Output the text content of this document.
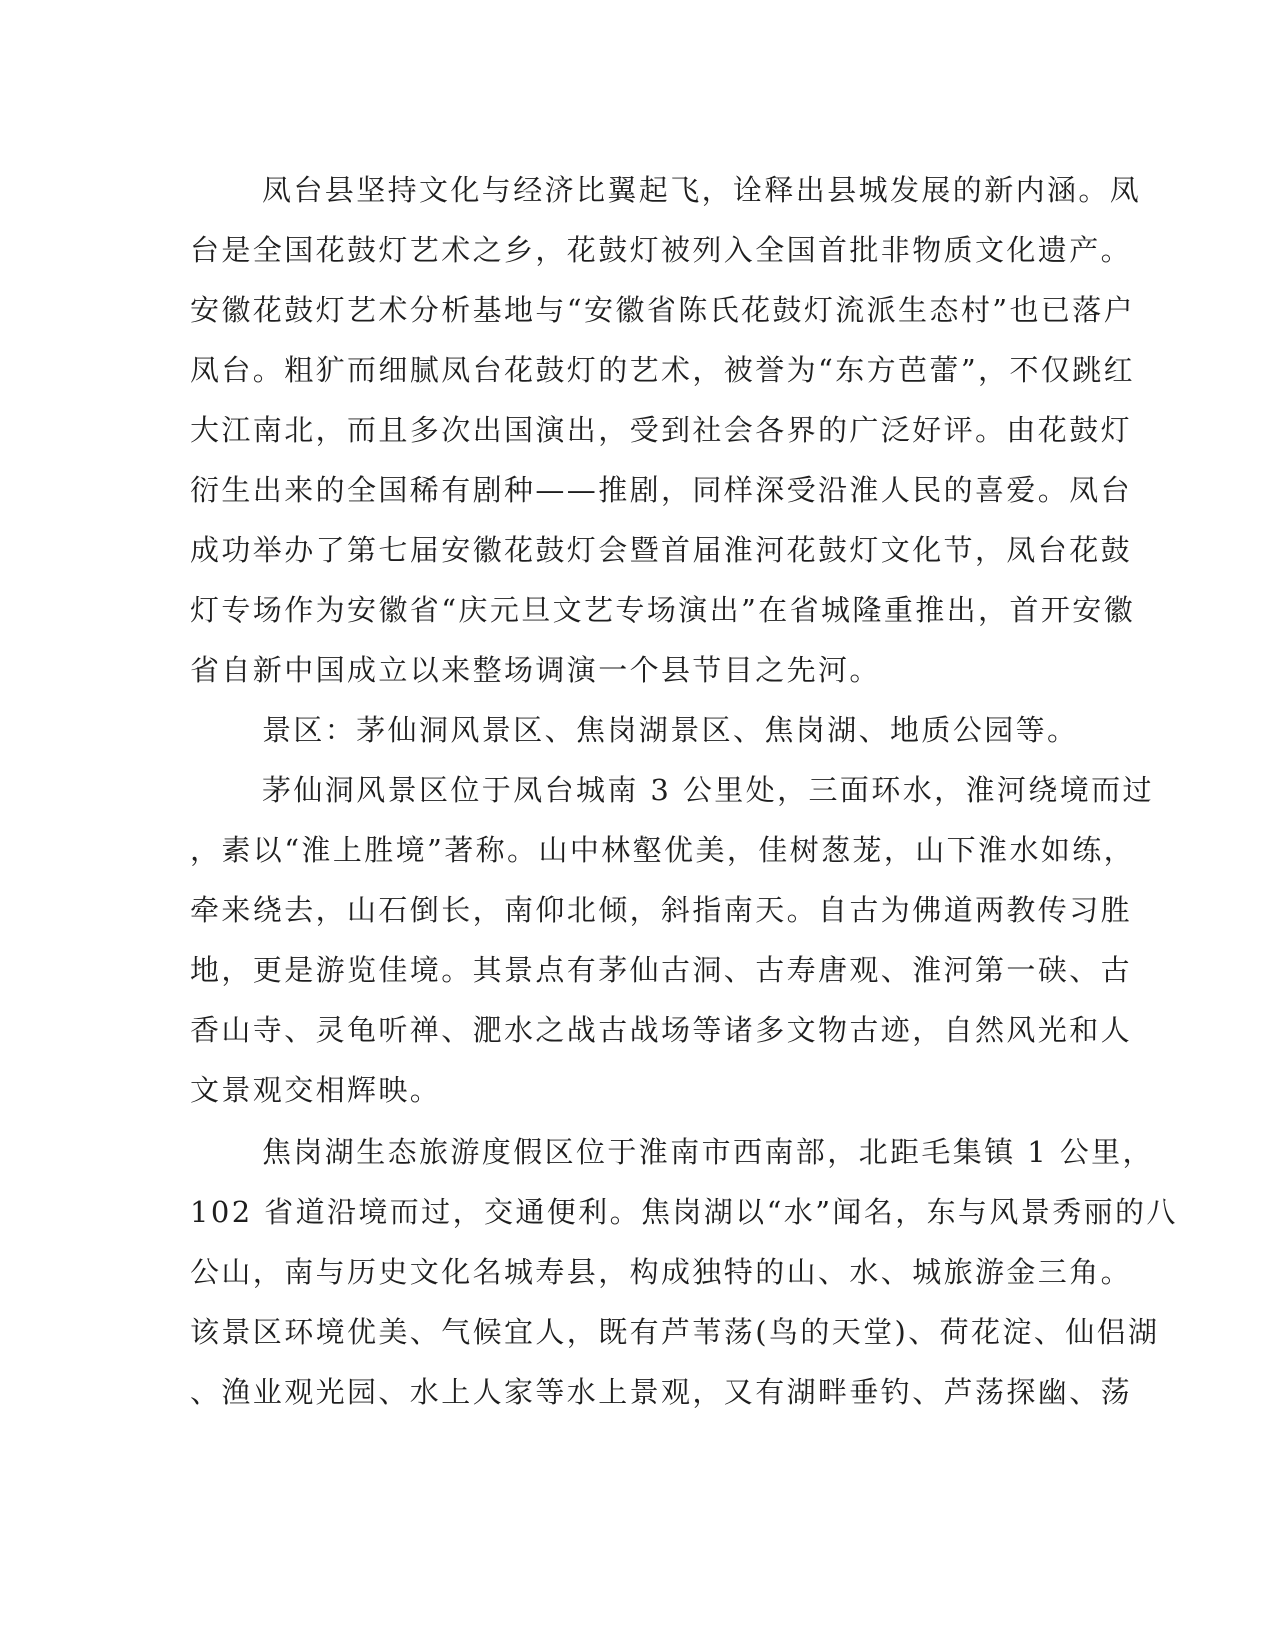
凤台县坚持文化与经济比翼起飞，诠释出县城发展的新内涵。凤
台是全国花鼓灯艺术之乡，花鼓灯被列入全国首批非物质文化遗产。
安徽花鼓灯艺术分析基地与“安徽省陈氏花鼓灯流派生态村”也已落户
凤台。粗犷而细腻凤台花鼓灯的艺术，被誉为“东方芭蕾”，不仅跳红
大江南北，而且多次出国演出，受到社会各界的广泛好评。由花鼓灯
衍生出来的全国稀有剧种——推剧，同样深受沿淮人民的喜爱。凤台
成功举办了第七届安徽花鼓灯会暨首届淮河花鼓灯文化节，凤台花鼓
灯专场作为安徽省“庆元旦文艺专场演出”在省城隆重推出，首开安徽
省自新中国成立以来整场调演一个县节目之先河。
景区：茅仙洞风景区、焦岗湖景区、焦岗湖、地质公园等。
茅仙洞风景区位于凤台城南 3 公里处，三面环水，淮河绕境而过
，素以“淮上胜境”著称。山中林壑优美，佳树葱茏，山下淮水如练，
牵来绕去，山石倒长，南仰北倾，斜指南天。自古为佛道两教传习胜
地，更是游览佳境。其景点有茅仙古洞、古寿唐观、淮河第一硖、古
香山寺、灵龟听禅、淝水之战古战场等诸多文物古迹，自然风光和人
文景观交相辉映。
焦岗湖生态旅游度假区位于淮南市西南部，北距毛集镇 1 公里，
102 省道沿境而过，交通便利。焦岗湖以“水”闻名，东与风景秀丽的八
公山，南与历史文化名城寿县，构成独特的山、水、城旅游金三角。
该景区环境优美、气候宜人，既有芦苇荡(鸟的天堂)、荷花淀、仙侣湖
、渔业观光园、水上人家等水上景观，又有湖畔垂钓、芦荡探幽、荡
